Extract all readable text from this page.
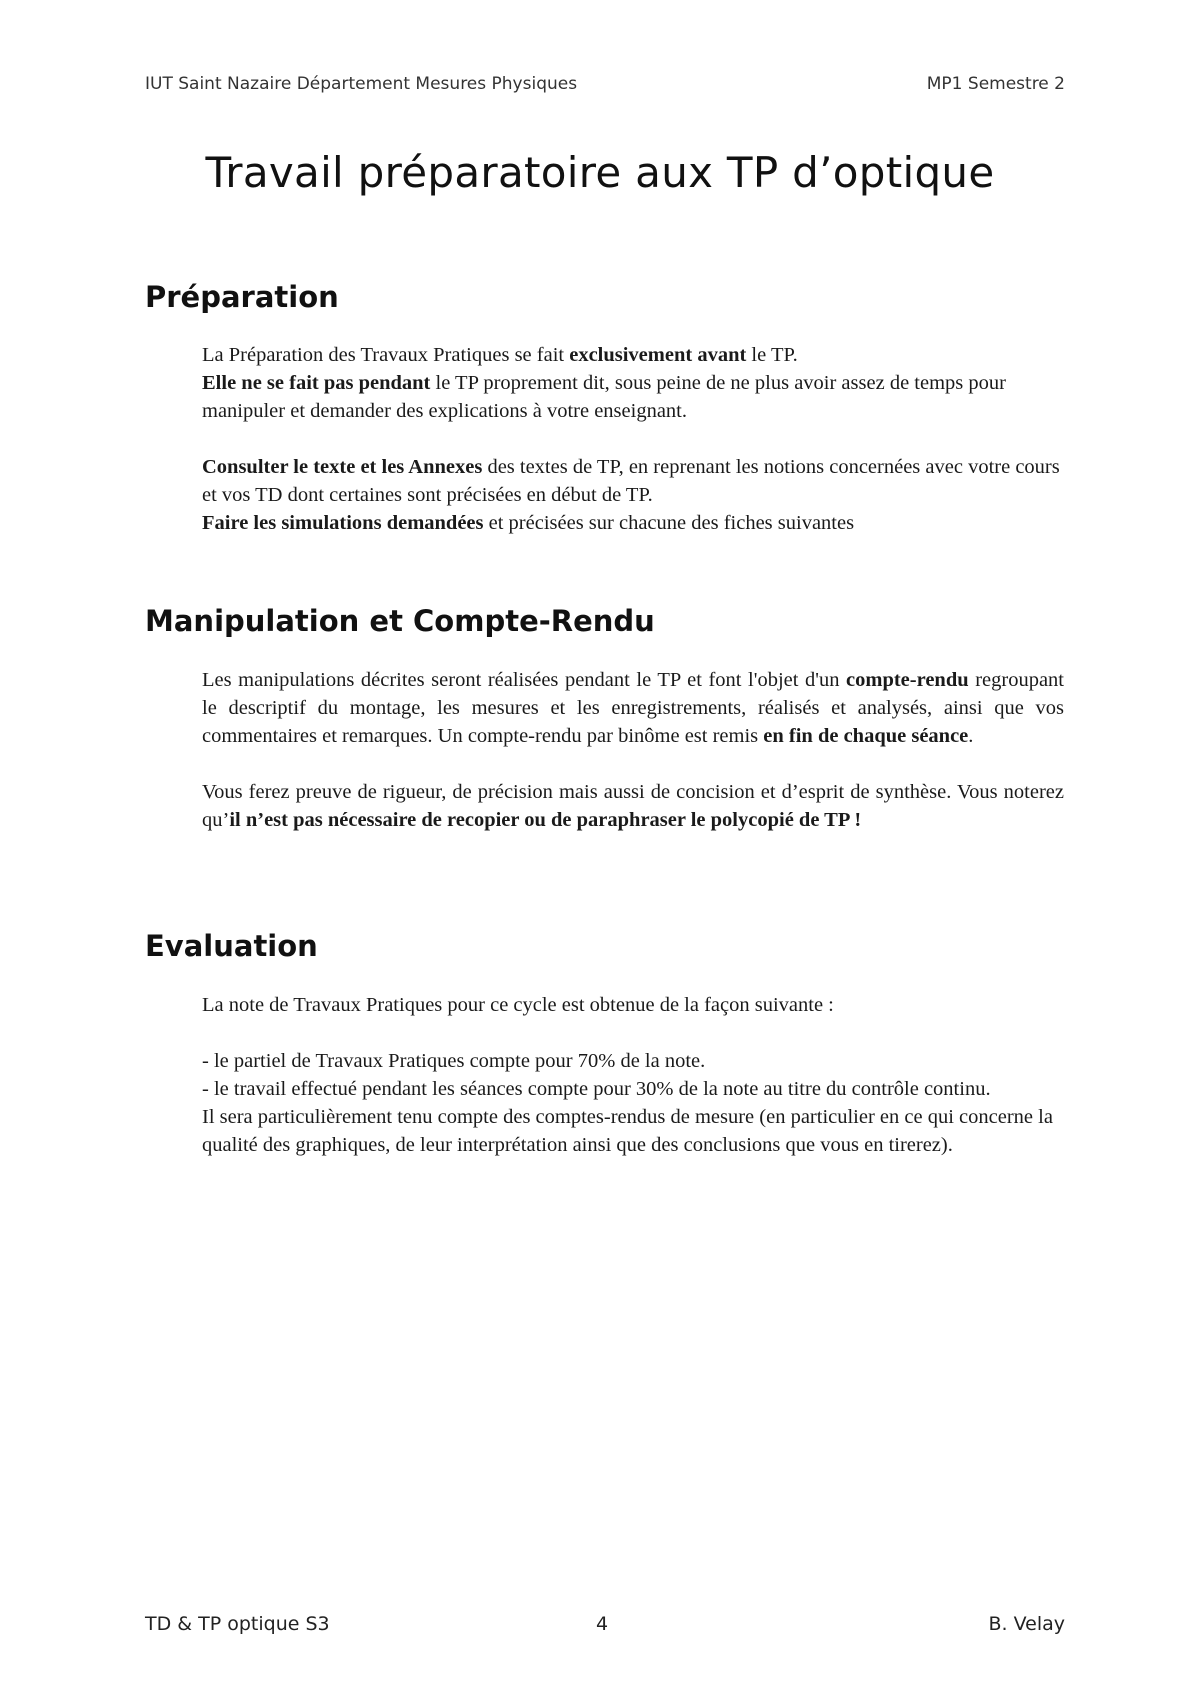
IUT Saint Nazaire Département Mesures Physiques	MP1 Semestre 2
Travail préparatoire aux TP d’optique
Préparation

La Préparation des Travaux Pratiques se fait exclusivement avant le TP.

Elle ne se fait pas pendant le TP proprement dit, sous peine de ne plus avoir assez de temps pour manipuler et demander des explications à votre enseignant.

Consulter le texte et les Annexes des textes de TP, en reprenant les notions concernées avec votre cours et vos TD dont certaines sont précisées en début de TP.

Faire les simulations demandées et précisées sur chacune des fiches suivantes

Manipulation et Compte-Rendu

Les manipulations décrites seront réalisées pendant le TP et font l'objet d'un compte-rendu regroupant le descriptif du montage, les mesures et les enregistrements, réalisés et analysés, ainsi que vos commentaires et remarques. Un compte-rendu par binôme est remis en fin de chaque séance.

Vous ferez preuve de rigueur, de précision mais aussi de concision et d’esprit de synthèse. Vous noterez qu’il n’est pas nécessaire de recopier ou de paraphraser le polycopié de TP !

Evaluation

La note de Travaux Pratiques pour ce cycle est obtenue de la façon suivante :

- le partiel de Travaux Pratiques compte pour 70% de la note.

- le travail effectué pendant les séances compte pour 30% de la note au titre du contrôle continu.

Il sera particulièrement tenu compte des comptes-rendus de mesure (en particulier en ce qui concerne la qualité des graphiques, de leur interprétation ainsi que des conclusions que vous en tirerez).

TD & TP optique S3	4	B. Velay
